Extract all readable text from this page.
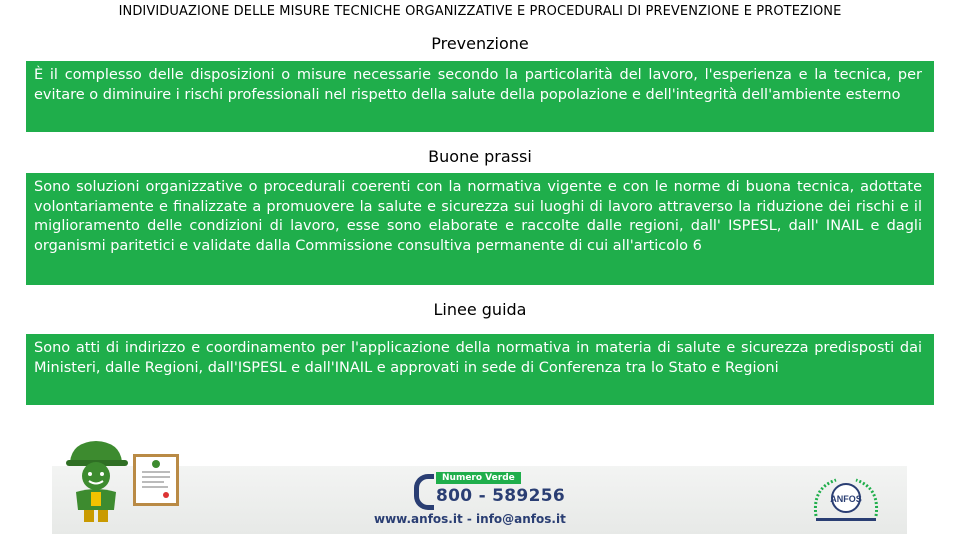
INDIVIDUAZIONE DELLE MISURE TECNICHE ORGANIZZATIVE E PROCEDURALI DI PREVENZIONE E PROTEZIONE
Prevenzione
È il complesso delle disposizioni o misure necessarie secondo la particolarità del lavoro, l'esperienza e la tecnica, per evitare o diminuire i rischi professionali nel rispetto della salute della popolazione e dell'integrità dell'ambiente esterno
Buone prassi
Sono soluzioni organizzative o procedurali coerenti con la normativa vigente e con le norme di buona tecnica, adottate volontariamente e finalizzate a promuovere la salute e sicurezza sui luoghi di lavoro attraverso la riduzione dei rischi e il miglioramento delle condizioni di lavoro, esse sono elaborate e raccolte dalle regioni, dall' ISPESL, dall' INAIL e dagli organismi paritetici e validate dalla Commissione consultiva permanente di cui all'articolo 6
Linee guida
Sono atti di indirizzo e coordinamento per l'applicazione della normativa in materia di salute e sicurezza predisposti dai Ministeri, dalle Regioni, dall'ISPESL e dall'INAIL e approvati in sede di Conferenza tra lo Stato e Regioni
Numero Verde
800 - 589256
www.anfos.it - info@anfos.it
ANFOS
